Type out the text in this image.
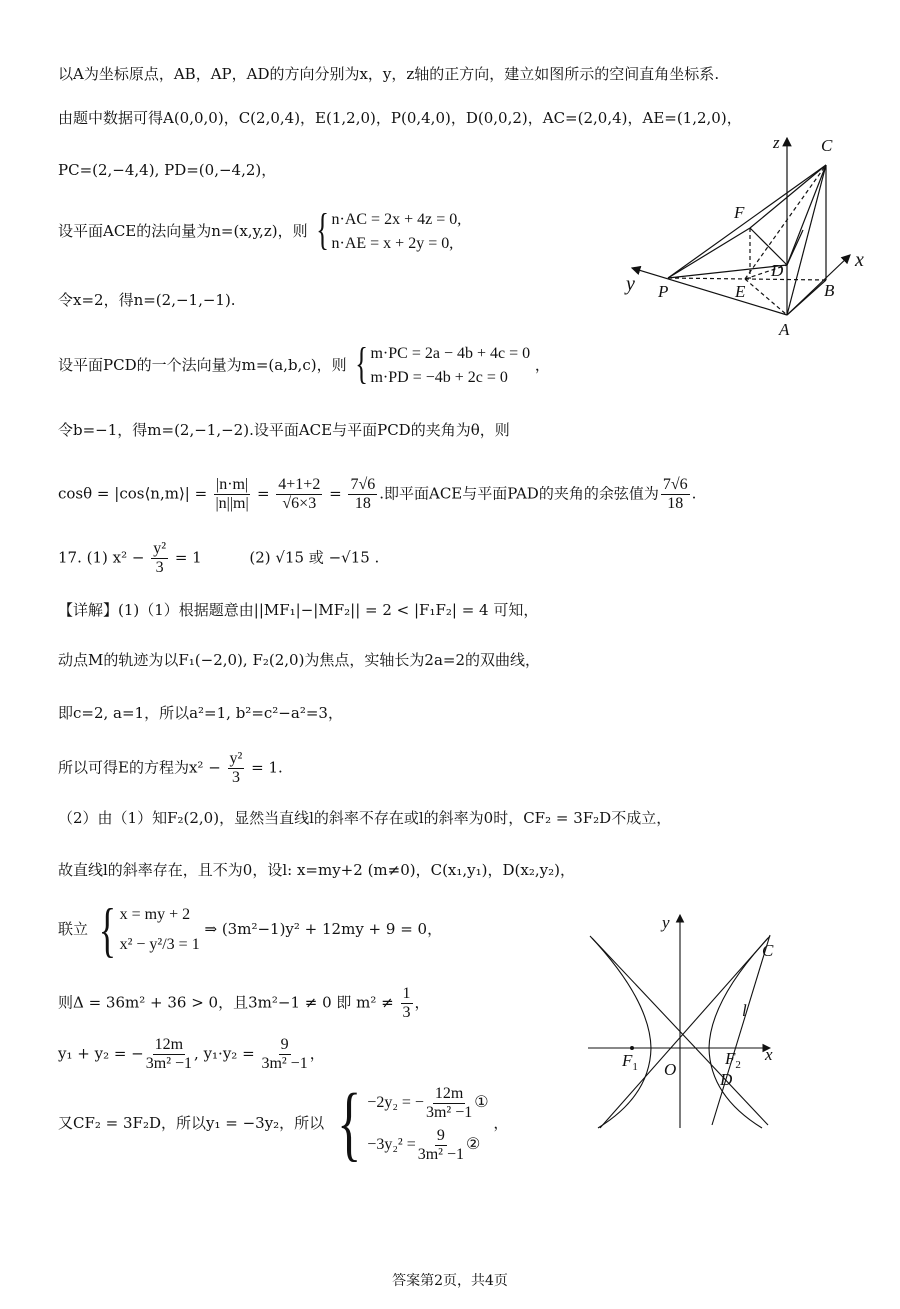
以A为坐标原点，AB，AP，AD的方向分别为x，y，z轴的正方向，建立如图所示的空间直角坐标系.
由题中数据可得A(0,0,0)，C(2,0,4)，E(1,2,0)，P(0,4,0)，D(0,0,2)，AC=(2,0,4)，AE=(1,2,0)，
PC=(2,−4,4), PD=(0,−4,2)，
设平面ACE的法向量为n=(x,y,z)，则 { n·AC = 2x + 4z = 0,
n·AE = x + 2y = 0,
令x=2，得n=(2,−1,−1).
设平面PCD的一个法向量为m=(a,b,c)，则 { m·PC = 2a − 4b + 4c = 0
m·PD = −4b + 2c = 0
，
令b=−1，得m=(2,−1,−2).设平面ACE与平面PCD的夹角为θ，则
cosθ = |cos⟨n,m⟩| = $\frac{|n\cdot m|}{|n||m|} = \frac{4+1+2}{√6\times 3} = \frac{7√6}{18}$ .即平面ACE与平面PAD的夹角的余弦值为 $\frac{7√6}{18}$ .
17. (1) $x^2 - \frac{\text{y²}}{3} = 1$          (2) √15 或 −√15 .
【详解】(1)（1）根据题意由||MF₁|−|MF₂|| = 2 < |F₁F₂| = 4 可知，
动点M的轨迹为以F₁(−2,0), F₂(2,0)为焦点，实轴长为2a=2的双曲线，
即c=2, a=1，所以a²=1, b²=c²−a²=3，
所以可得E的方程为$x^2 - \frac{\text{y²}}{3} = 1$.
（2）由（1）知F₂(2,0)，显然当直线l的斜率不存在或l的斜率为0时，CF₂ = 3F₂D不成立，
故直线l的斜率存在，且不为0，设l: x=my+2 (m≠0)，C(x₁,y₁)，D(x₂,y₂)，
联立 { x = my + 2
x² − y²/3 = 1
⇒ (3m²−1)y² + 12my + 9 = 0，
则Δ = 36m² + 36 > 0，且3m²−1 ≠ 0 即 $m^2 \ne \frac{1}{3}$ ，
y₁ + y₂ = − $\frac{12m}{\text{3m² −1}}$ , $y_1\cdot y_2 = \frac{9}{\text{3m² −1}}$ ，
又CF₂ = 3F₂D，所以y₁ = −3y₂，所以 { −2y₂ = − $\frac{12m}{\text{3m² −1}}$ ①
$-3y_2^2 = \frac{9}{\text{3m² −1}}$ ②
，
z C
F
D	x
y P	E	B
A
y
C
l
$F_1$ O
$F_2$
x
D
答案第2页，共4页
